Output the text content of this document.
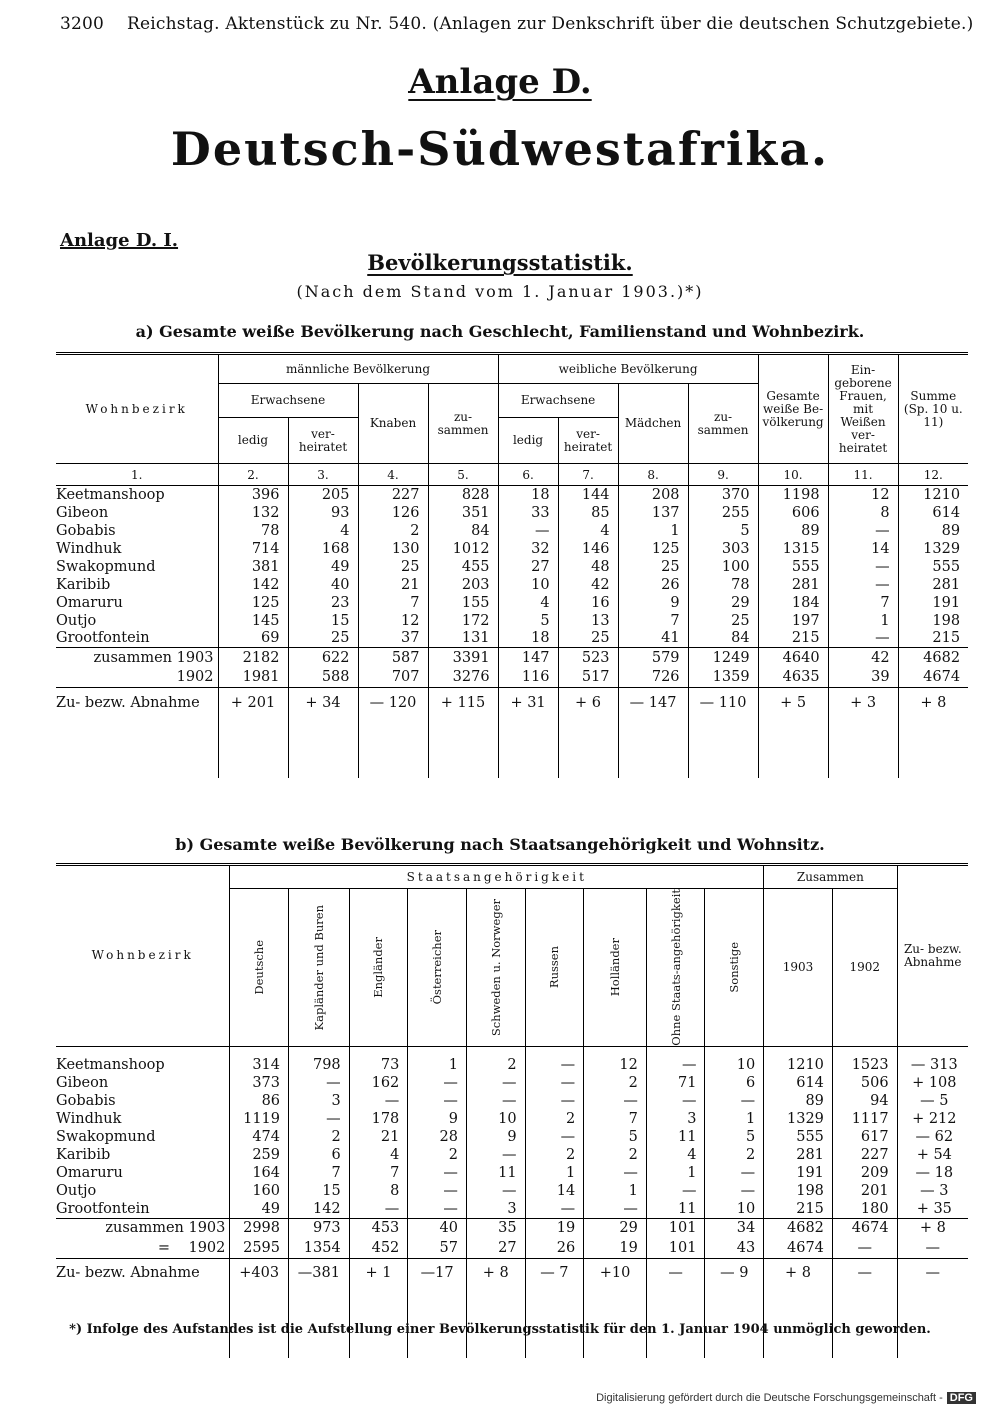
3200 Reichstag. Aktenstück zu Nr. 540. (Anlagen zur Denkschrift über die deutschen Schutzgebiete.)
Anlage D.
Deutsch-Südwestafrika.
Anlage D. I.
Bevölkerungsstatistik.
(Nach dem Stand vom 1. Januar 1903.)*)
a) Gesamte weiße Bevölkerung nach Geschlecht, Familienstand und Wohnbezirk.
Wohnbezirk	männliche Bevölkerung				weibliche Bevölkerung				Gesamte weiße Be-völkerung	Ein-geborene Frauen, mit Weißen ver-heiratet	Summe (Sp. 10 u. 11)
	Erwachsene		Knaben	zu-sammen	Erwachsene		Mädchen	zu-sammen			
	ledig	ver-heiratet			ledig	ver-heiratet					
1.	2.	3.	4.	5.	6.	7.	8.	9.	10.	11.	12.
Keetmanshoop	396	205	227	828	18	144	208	370	1198	12	1210
Gibeon	132	93	126	351	33	85	137	255	606	8	614
Gobabis	78	4	2	84	—	4	1	5	89	—	89
Windhuk	714	168	130	1012	32	146	125	303	1315	14	1329
Swakopmund	381	49	25	455	27	48	25	100	555	—	555
Karibib	142	40	21	203	10	42	26	78	281	—	281
Omaruru	125	23	7	155	4	16	9	29	184	7	191
Outjo	145	15	12	172	5	13	7	25	197	1	198
Grootfontein	69	25	37	131	18	25	41	84	215	—	215
zusammen 1903	2182	622	587	3391	147	523	579	1249	4640	42	4682
1902	1981	588	707	3276	116	517	726	1359	4635	39	4674
Zu- bezw. Abnahme	+ 201	+ 34	— 120	+ 115	+ 31	+ 6	— 147	— 110	+ 5	+ 3	+ 8

b) Gesamte weiße Bevölkerung nach Staatsangehörigkeit und Wohnsitz.
Wohnbezirk	Staatsangehörigkeit									Zusammen		Zu- bezw. Abnahme

	Deutsche	Kapländer und Buren	Engländer	Österreicher	Schweden u. Norweger	Russen	Holländer	Ohne Staats-angehörigkeit	Sonstige	1903	1902	

Keetmanshoop	314	798	73	1	2	—	12	—	10	1210	1523	— 313
Gibeon	373	—	162	—	—	—	2	71	6	614	506	+ 108
Gobabis	86	3	—	—	—	—	—	—	—	89	94	— 5
Windhuk	1119	—	178	9	10	2	7	3	1	1329	1117	+ 212
Swakopmund	474	2	21	28	9	—	5	11	5	555	617	— 62
Karibib	259	6	4	2	—	2	2	4	2	281	227	+ 54
Omaruru	164	7	7	—	11	1	—	1	—	191	209	— 18
Outjo	160	15	8	—	—	14	1	—	—	198	201	— 3
Grootfontein	49	142	—	—	3	—	—	11	10	215	180	+ 35
zusammen 1903	2998	973	453	40	35	19	29	101	34	4682	4674	+ 8
= 1902	2595	1354	452	57	27	26	19	101	43	4674	—	—
Zu- bezw. Abnahme	+403	—381	+ 1	—17	+ 8	— 7	+10	—	— 9	+ 8	—	—

*) Infolge des Aufstandes ist die Aufstellung einer Bevölkerungsstatistik für den 1. Januar 1904 unmöglich geworden.
Digitalisierung gefördert durch die Deutsche Forschungsgemeinschaft - DFG
